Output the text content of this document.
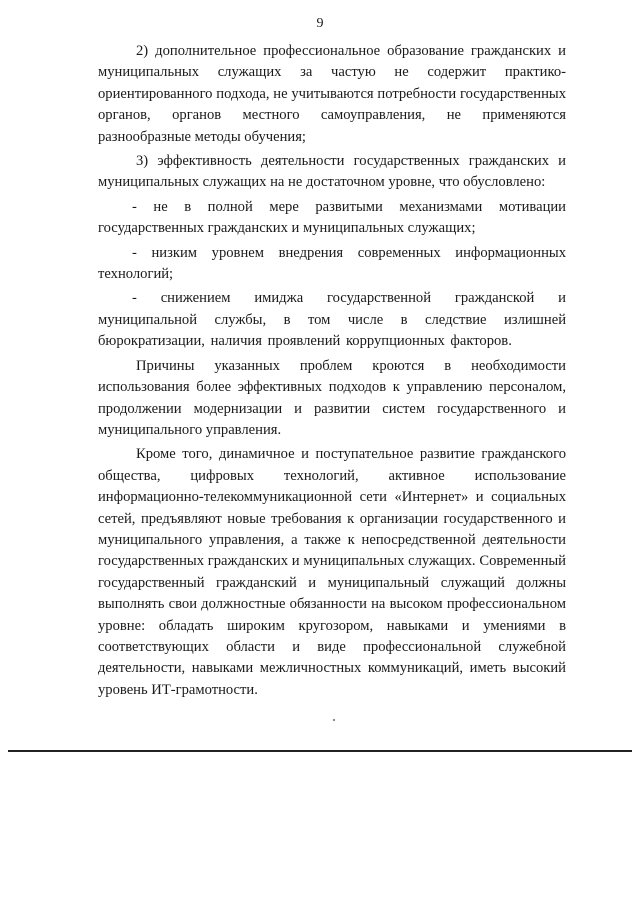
9

2) дополнительное профессиональное образование гражданских и муниципальных служащих за частую не содержит практико-ориентированного подхода, не учитываются потребности государственных органов, органов местного самоуправления, не применяются разнообразные методы обучения;

3) эффективность деятельности государственных гражданских и муниципальных служащих на не достаточном уровне, что обусловлено:

- не в полной мере развитыми механизмами мотивации государственных гражданских и муниципальных служащих;

- низким уровнем внедрения современных информационных технологий;

- снижением имиджа государственной гражданской и муниципальной службы, в том числе в следствие излишней бюрократизации, наличия проявлений коррупционных факторов.

Причины указанных проблем кроются в необходимости использования более эффективных подходов к управлению персоналом, продолжении модернизации и развитии систем государственного и муниципального управления.

Кроме того, динамичное и поступательное развитие гражданского общества, цифровых технологий, активное использование информационно-телекоммуникационной сети «Интернет» и социальных сетей, предъявляют новые требования к организации государственного и муниципального управления, а также к непосредственной деятельности государственных гражданских и муниципальных служащих. Современный государственный гражданский и муниципальный служащий должны выполнять свои должностные обязанности на высоком профессиональном уровне: обладать широким кругозором, навыками и умениями в соответствующих области и виде профессиональной служебной деятельности, навыками межличностных коммуникаций, иметь высокий уровень ИТ-грамотности.
